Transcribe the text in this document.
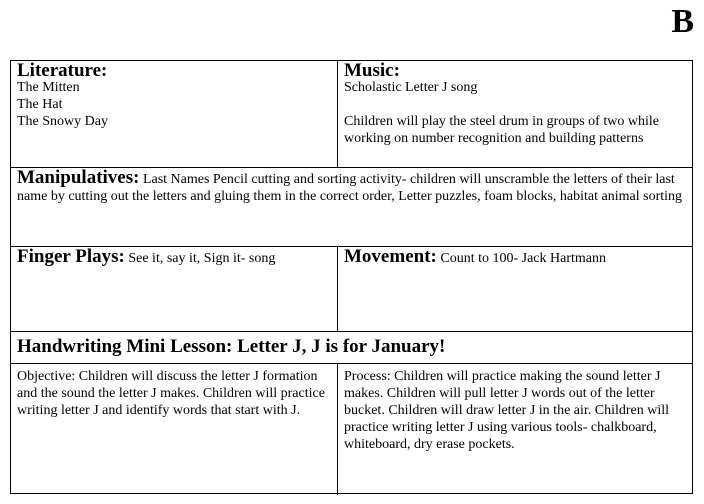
B
Literature:
The Mitten
The Hat
The Snowy Day
Music:
Scholastic Letter J song
Children will play the steel drum in groups of two while working on number recognition and building patterns
Manipulatives: Last Names Pencil cutting and sorting activity- children will unscramble the letters of their last name by cutting out the letters and gluing them in the correct order, Letter puzzles, foam blocks, habitat animal sorting
Finger Plays: See it, say it, Sign it- song	Movement: Count to 100- Jack Hartmann
Handwriting Mini Lesson: Letter J, J is for January!
Objective: Children will discuss the letter J formation and the sound the letter J makes. Children will practice writing letter J and identify words that start with J.
Process: Children will practice making the sound letter J makes. Children will pull letter J words out of the letter bucket. Children will draw letter J in the air. Children will practice writing letter J using various tools- chalkboard, whiteboard, dry erase pockets.
